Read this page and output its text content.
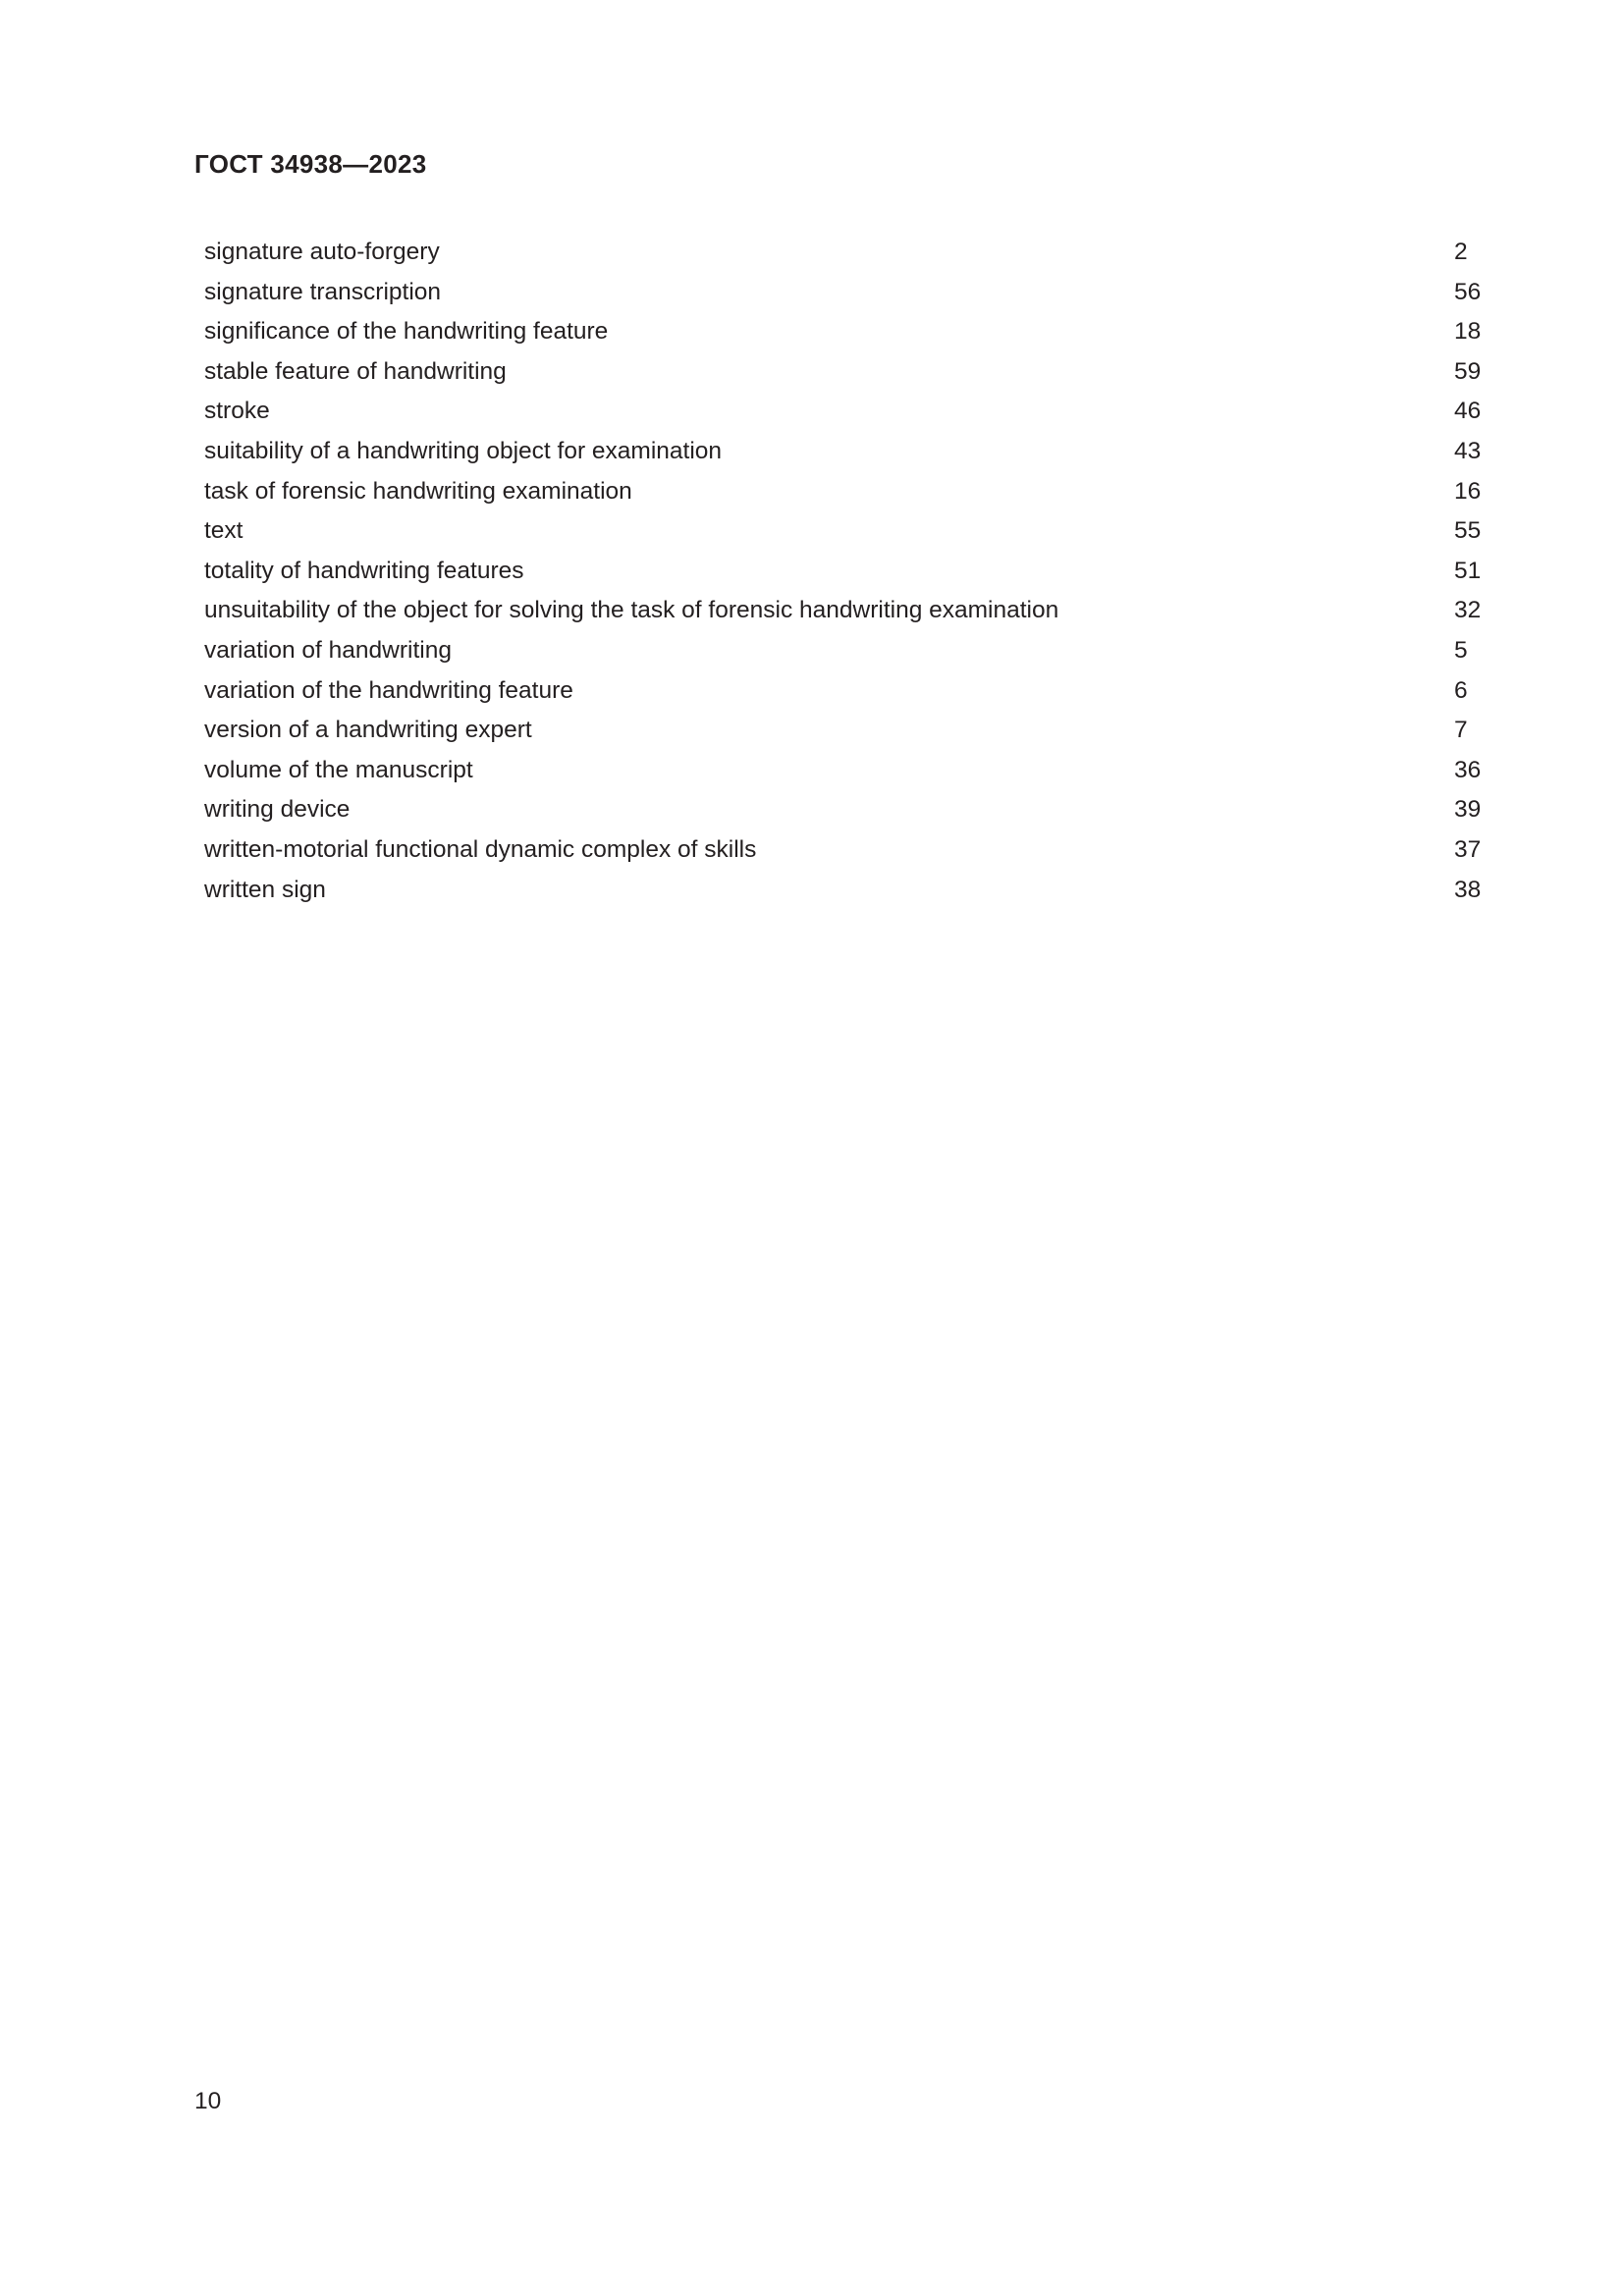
ГОСТ 34938—2023
signature auto-forgery	2
signature transcription	56
significance of the handwriting feature	18
stable feature of handwriting	59
stroke	46
suitability of a handwriting object for examination	43
task of forensic handwriting examination	16
text	55
totality of handwriting features	51
unsuitability of the object for solving the task of forensic handwriting examination	32
variation of handwriting	5
variation of the handwriting feature	6
version of a handwriting expert	7
volume of the manuscript	36
writing device	39
written-motorial functional dynamic complex of skills	37
written sign	38
10
